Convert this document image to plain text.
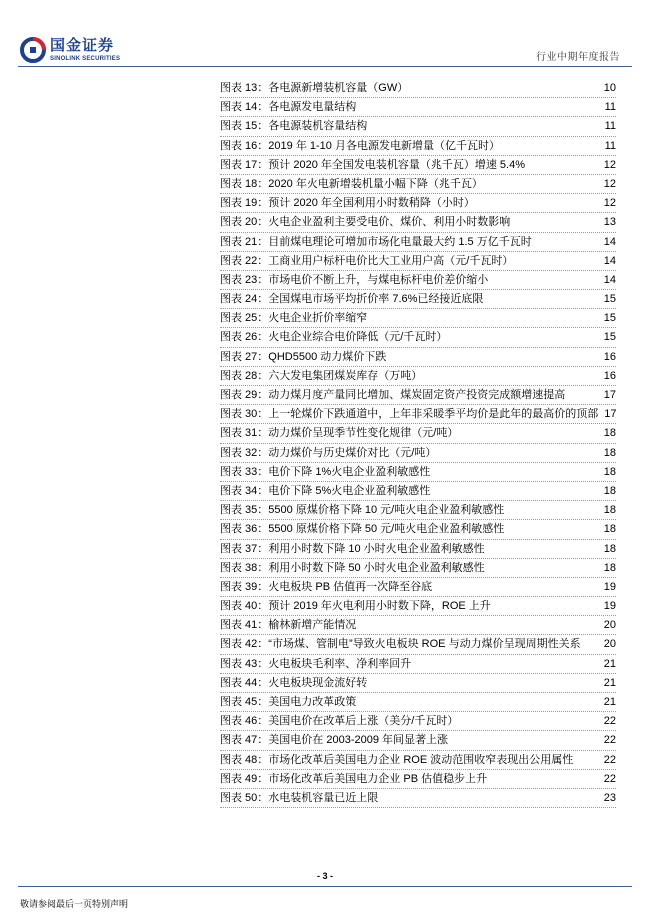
国金证券
SINOLINK SECURITIES	行业中期年度报告
图表 13：各电源新增装机容量（GW）	10
图表 14：各电源发电量结构	11
图表 15：各电源装机容量结构	11
图表 16：2019 年 1-10 月各电源发电新增量（亿千瓦时）	11
图表 17：预计 2020 年全国发电装机容量（兆千瓦）增速 5.4%	12
图表 18：2020 年火电新增装机量小幅下降（兆千瓦）	12
图表 19：预计 2020 年全国利用小时数稍降（小时）	12
图表 20：火电企业盈利主要受电价、煤价、利用小时数影响	13
图表 21：目前煤电理论可增加市场化电量最大约 1.5 万亿千瓦时	14
图表 22：工商业用户标杆电价比大工业用户高（元/千瓦时）	14
图表 23：市场电价不断上升，与煤电标杆电价差价缩小	14
图表 24：全国煤电市场平均折价率 7.6%已经接近底限	15
图表 25：火电企业折价率缩窄	15
图表 26：火电企业综合电价降低（元/千瓦时）	15
图表 27：QHD5500 动力煤价下跌	16
图表 28：六大发电集团煤炭库存（万吨）	16
图表 29：动力煤月度产量同比增加、煤炭固定资产投资完成额增速提高	17
图表 30：上一轮煤价下跌通道中，上年非采暖季平均价是此年的最高价的顶部 17
图表 31：动力煤价呈现季节性变化规律（元/吨）	18
图表 32：动力煤价与历史煤价对比（元/吨）	18
图表 33：电价下降 1%火电企业盈利敏感性	18
图表 34：电价下降 5%火电企业盈利敏感性	18
图表 35：5500 原煤价格下降 10 元/吨火电企业盈利敏感性	18
图表 36：5500 原煤价格下降 50 元/吨火电企业盈利敏感性	18
图表 37：利用小时数下降 10 小时火电企业盈利敏感性	18
图表 38：利用小时数下降 50 小时火电企业盈利敏感性	18
图表 39：火电板块 PB 估值再一次降至谷底	19
图表 40：预计 2019 年火电利用小时数下降，ROE 上升	19
图表 41：榆林新增产能情况	20
图表 42：“市场煤、管制电”导致火电板块 ROE 与动力煤价呈现周期性关系	20
图表 43：火电板块毛利率、净利率回升	21
图表 44：火电板块现金流好转	21
图表 45：美国电力改革政策	21
图表 46：美国电价在改革后上涨（美分/千瓦时）	22
图表 47：美国电价在 2003-2009 年间显著上涨	22
图表 48：市场化改革后美国电力企业 ROE 波动范围收窄表现出公用属性	22
图表 49：市场化改革后美国电力企业 PB 估值稳步上升	22
图表 50：水电装机容量已近上限	23
- 3 -
敬请参阅最后一页特别声明
